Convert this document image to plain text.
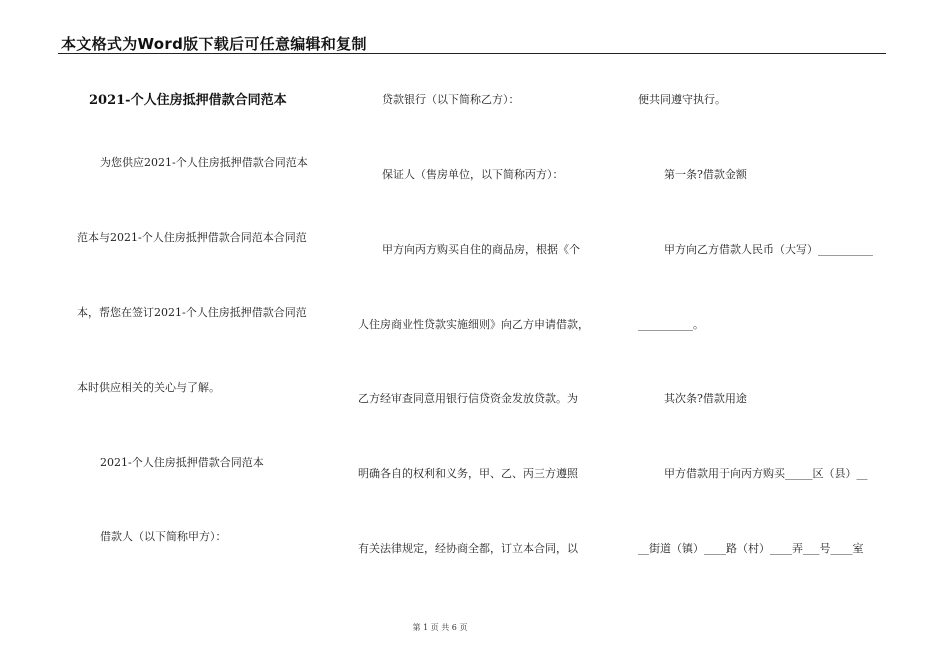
本文格式为Word版下载后可任意编辑和复制
2021-个人住房抵押借款合同范本
为您供应2021-个人住房抵押借款合同范本
范本与2021-个人住房抵押借款合同范本合同范
本，帮您在签订2021-个人住房抵押借款合同范
本时供应相关的关心与了解。
2021-个人住房抵押借款合同范本
借款人（以下简称甲方）：
贷款银行（以下简称乙方）：
保证人（售房单位，以下简称丙方）：
甲方向丙方购买自住的商品房，根据《个
人住房商业性贷款实施细则》向乙方申请借款，
乙方经审查同意用银行信贷资金发放贷款。为
明确各自的权利和义务，甲、乙、丙三方遵照
有关法律规定，经协商全都，订立本合同，以
便共同遵守执行。
第一条?借款金额
甲方向乙方借款人民币（大写）__________
__________。
其次条?借款用途
甲方借款用于向丙方购买_____区（县）__
__街道（镇）____路（村）____弄___号____室
第 1 页 共 6 页
